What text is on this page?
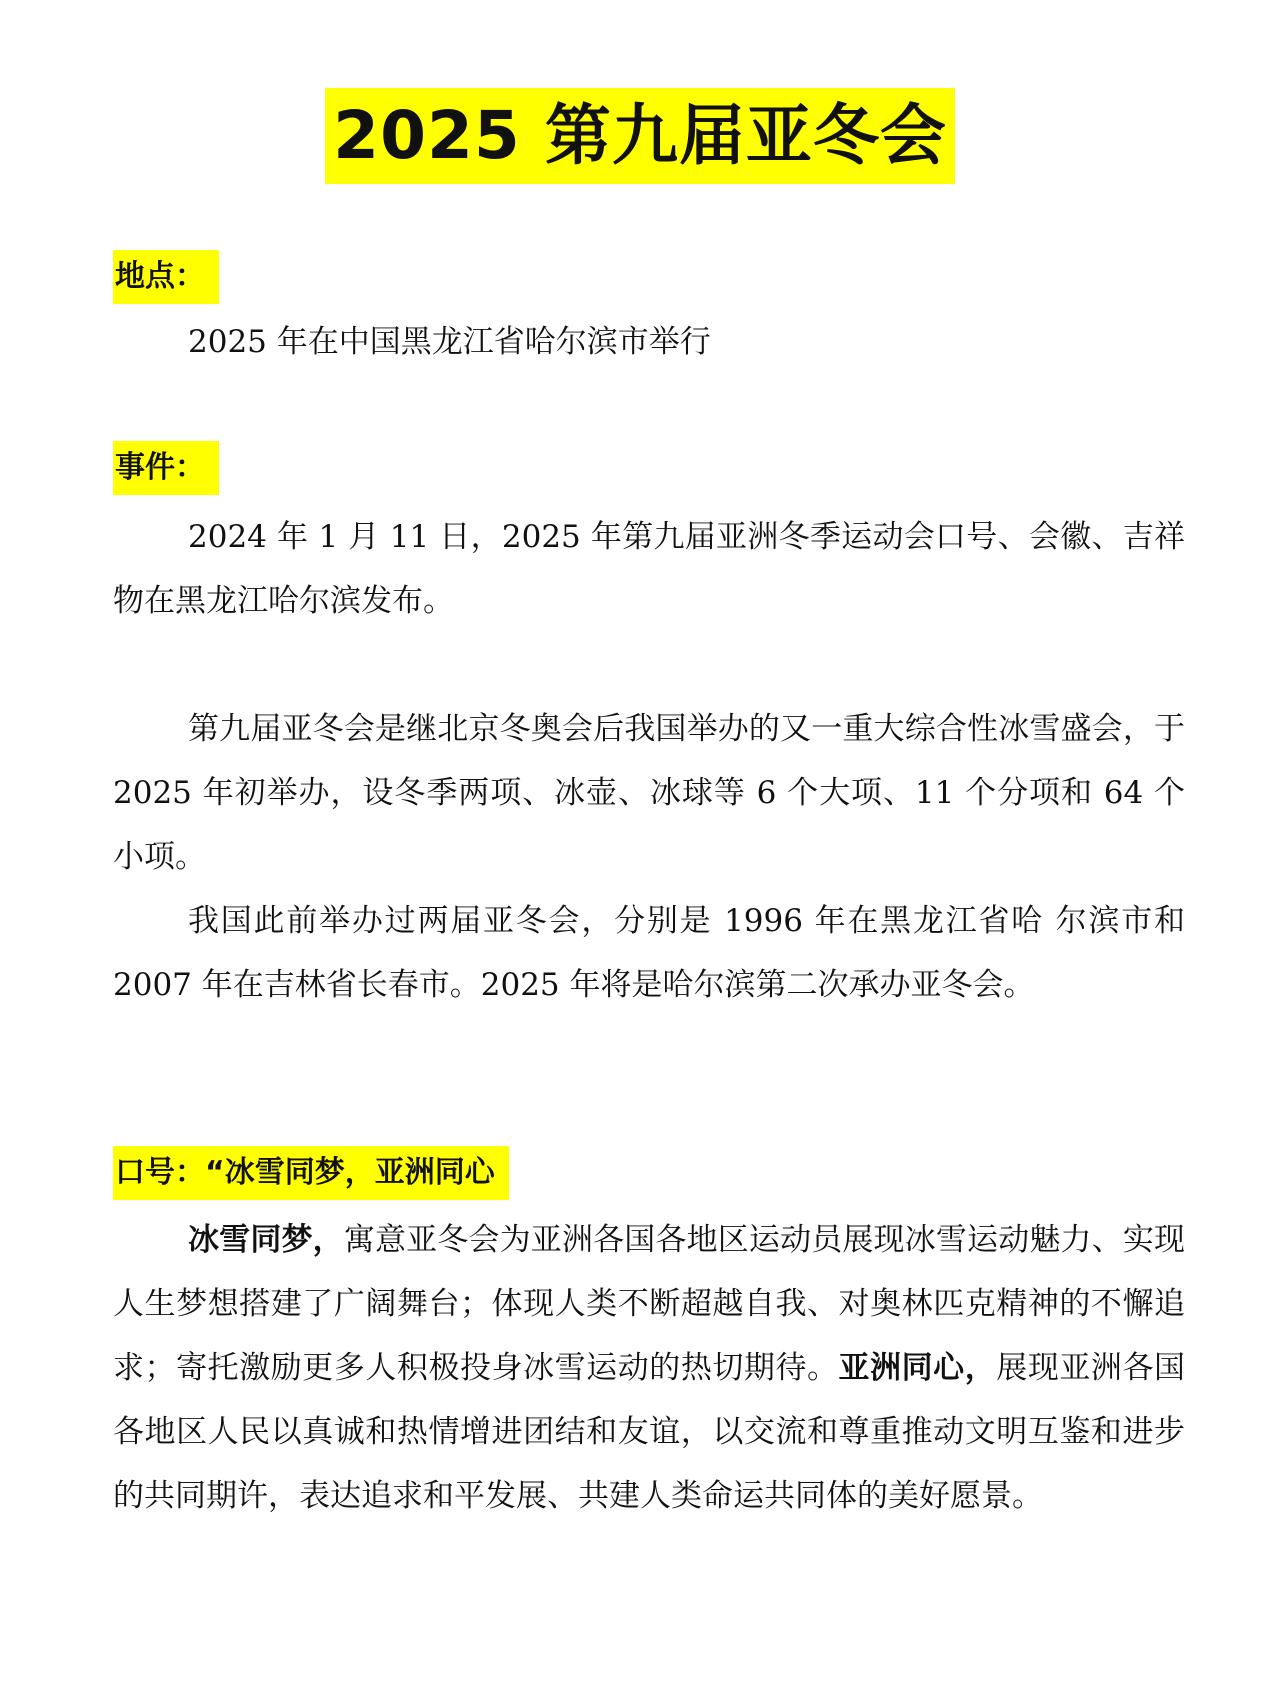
2025 第九届亚冬会
地点：

2025 年在中国黑龙江省哈尔滨市举行

事件：

2024 年 1 月 11 日，2025 年第九届亚洲冬季运动会口号、会徽、吉祥物在黑龙江哈尔滨发布。

第九届亚冬会是继北京冬奥会后我国举办的又一重大综合性冰雪盛会，于 2025 年初举办，设冬季两项、冰壶、冰球等 6 个大项、11 个分项和 64 个小项。

我国此前举办过两届亚冬会，分别是 1996 年在黑龙江省哈 尔滨市和 2007 年在吉林省长春市。2025 年将是哈尔滨第二次承办亚冬会。

口号：“冰雪同梦，亚洲同心

冰雪同梦，寓意亚冬会为亚洲各国各地区运动员展现冰雪运动魅力、实现人生梦想搭建了广阔舞台；体现人类不断超越自我、对奥林匹克精神的不懈追求；寄托激励更多人积极投身冰雪运动的热切期待。亚洲同心，展现亚洲各国各地区人民以真诚和热情增进团结和友谊，以交流和尊重推动文明互鉴和进步的共同期许，表达追求和平发展、共建人类命运共同体的美好愿景。
